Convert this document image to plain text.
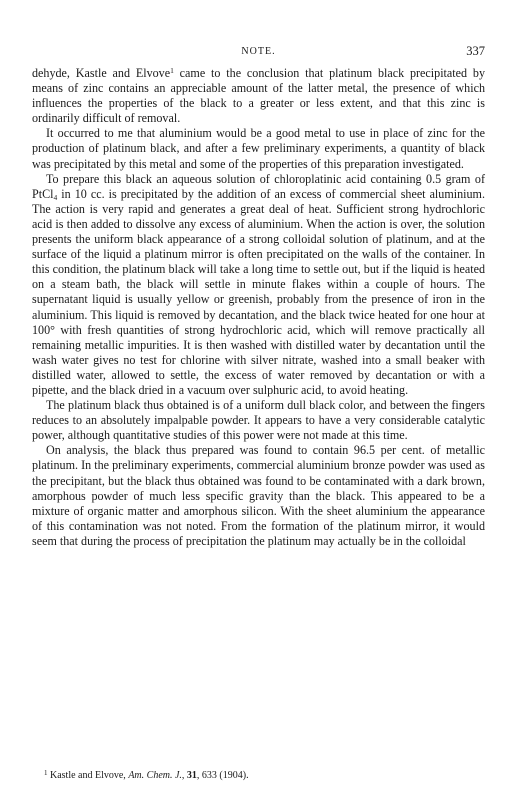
NOTE.	337

dehyde, Kastle and Elvove$^1$ came to the conclusion that platinum black precipitated by means of zinc contains an appreciable amount of the latter metal, the presence of which influences the properties of the black to a greater or less extent, and that this zinc is ordinarily difficult of removal.

It occurred to me that aluminium would be a good metal to use in place of zinc for the production of platinum black, and after a few preliminary experiments, a quantity of black was precipitated by this metal and some of the properties of this preparation investigated.

To prepare this black an aqueous solution of chloroplatinic acid containing 0.5 gram of PtCl$_4$ in 10 cc. is precipitated by the addition of an excess of commercial sheet aluminium. The action is very rapid and generates a great deal of heat. Sufficient strong hydrochloric acid is then added to dissolve any excess of aluminium. When the action is over, the solution presents the uniform black appearance of a strong colloidal solution of platinum, and at the surface of the liquid a platinum mirror is often precipitated on the walls of the container. In this condition, the platinum black will take a long time to settle out, but if the liquid is heated on a steam bath, the black will settle in minute flakes within a couple of hours. The supernatant liquid is usually yellow or greenish, probably from the presence of iron in the aluminium. This liquid is removed by decantation, and the black twice heated for one hour at 100° with fresh quantities of strong hydrochloric acid, which will remove practically all remaining metallic impurities. It is then washed with distilled water by decantation until the wash water gives no test for chlorine with silver nitrate, washed into a small beaker with distilled water, allowed to settle, the excess of water removed by decantation or with a pipette, and the black dried in a vacuum over sulphuric acid, to avoid heating.

The platinum black thus obtained is of a uniform dull black color, and between the fingers reduces to an absolutely impalpable powder. It appears to have a very considerable catalytic power, although quantitative studies of this power were not made at this time.

On analysis, the black thus prepared was found to contain 96.5 per cent. of metallic platinum. In the preliminary experiments, commercial aluminium bronze powder was used as the precipitant, but the black thus obtained was found to be contaminated with a dark brown, amorphous powder of much less specific gravity than the black. This appeared to be a mixture of organic matter and amorphous silicon. With the sheet aluminium the appearance of this contamination was not noted. From the formation of the platinum mirror, it would seem that during the process of precipitation the platinum may actually be in the colloidal

$^1$ Kastle and Elvove, Am. Chem. J., 31, 633 (1904).
